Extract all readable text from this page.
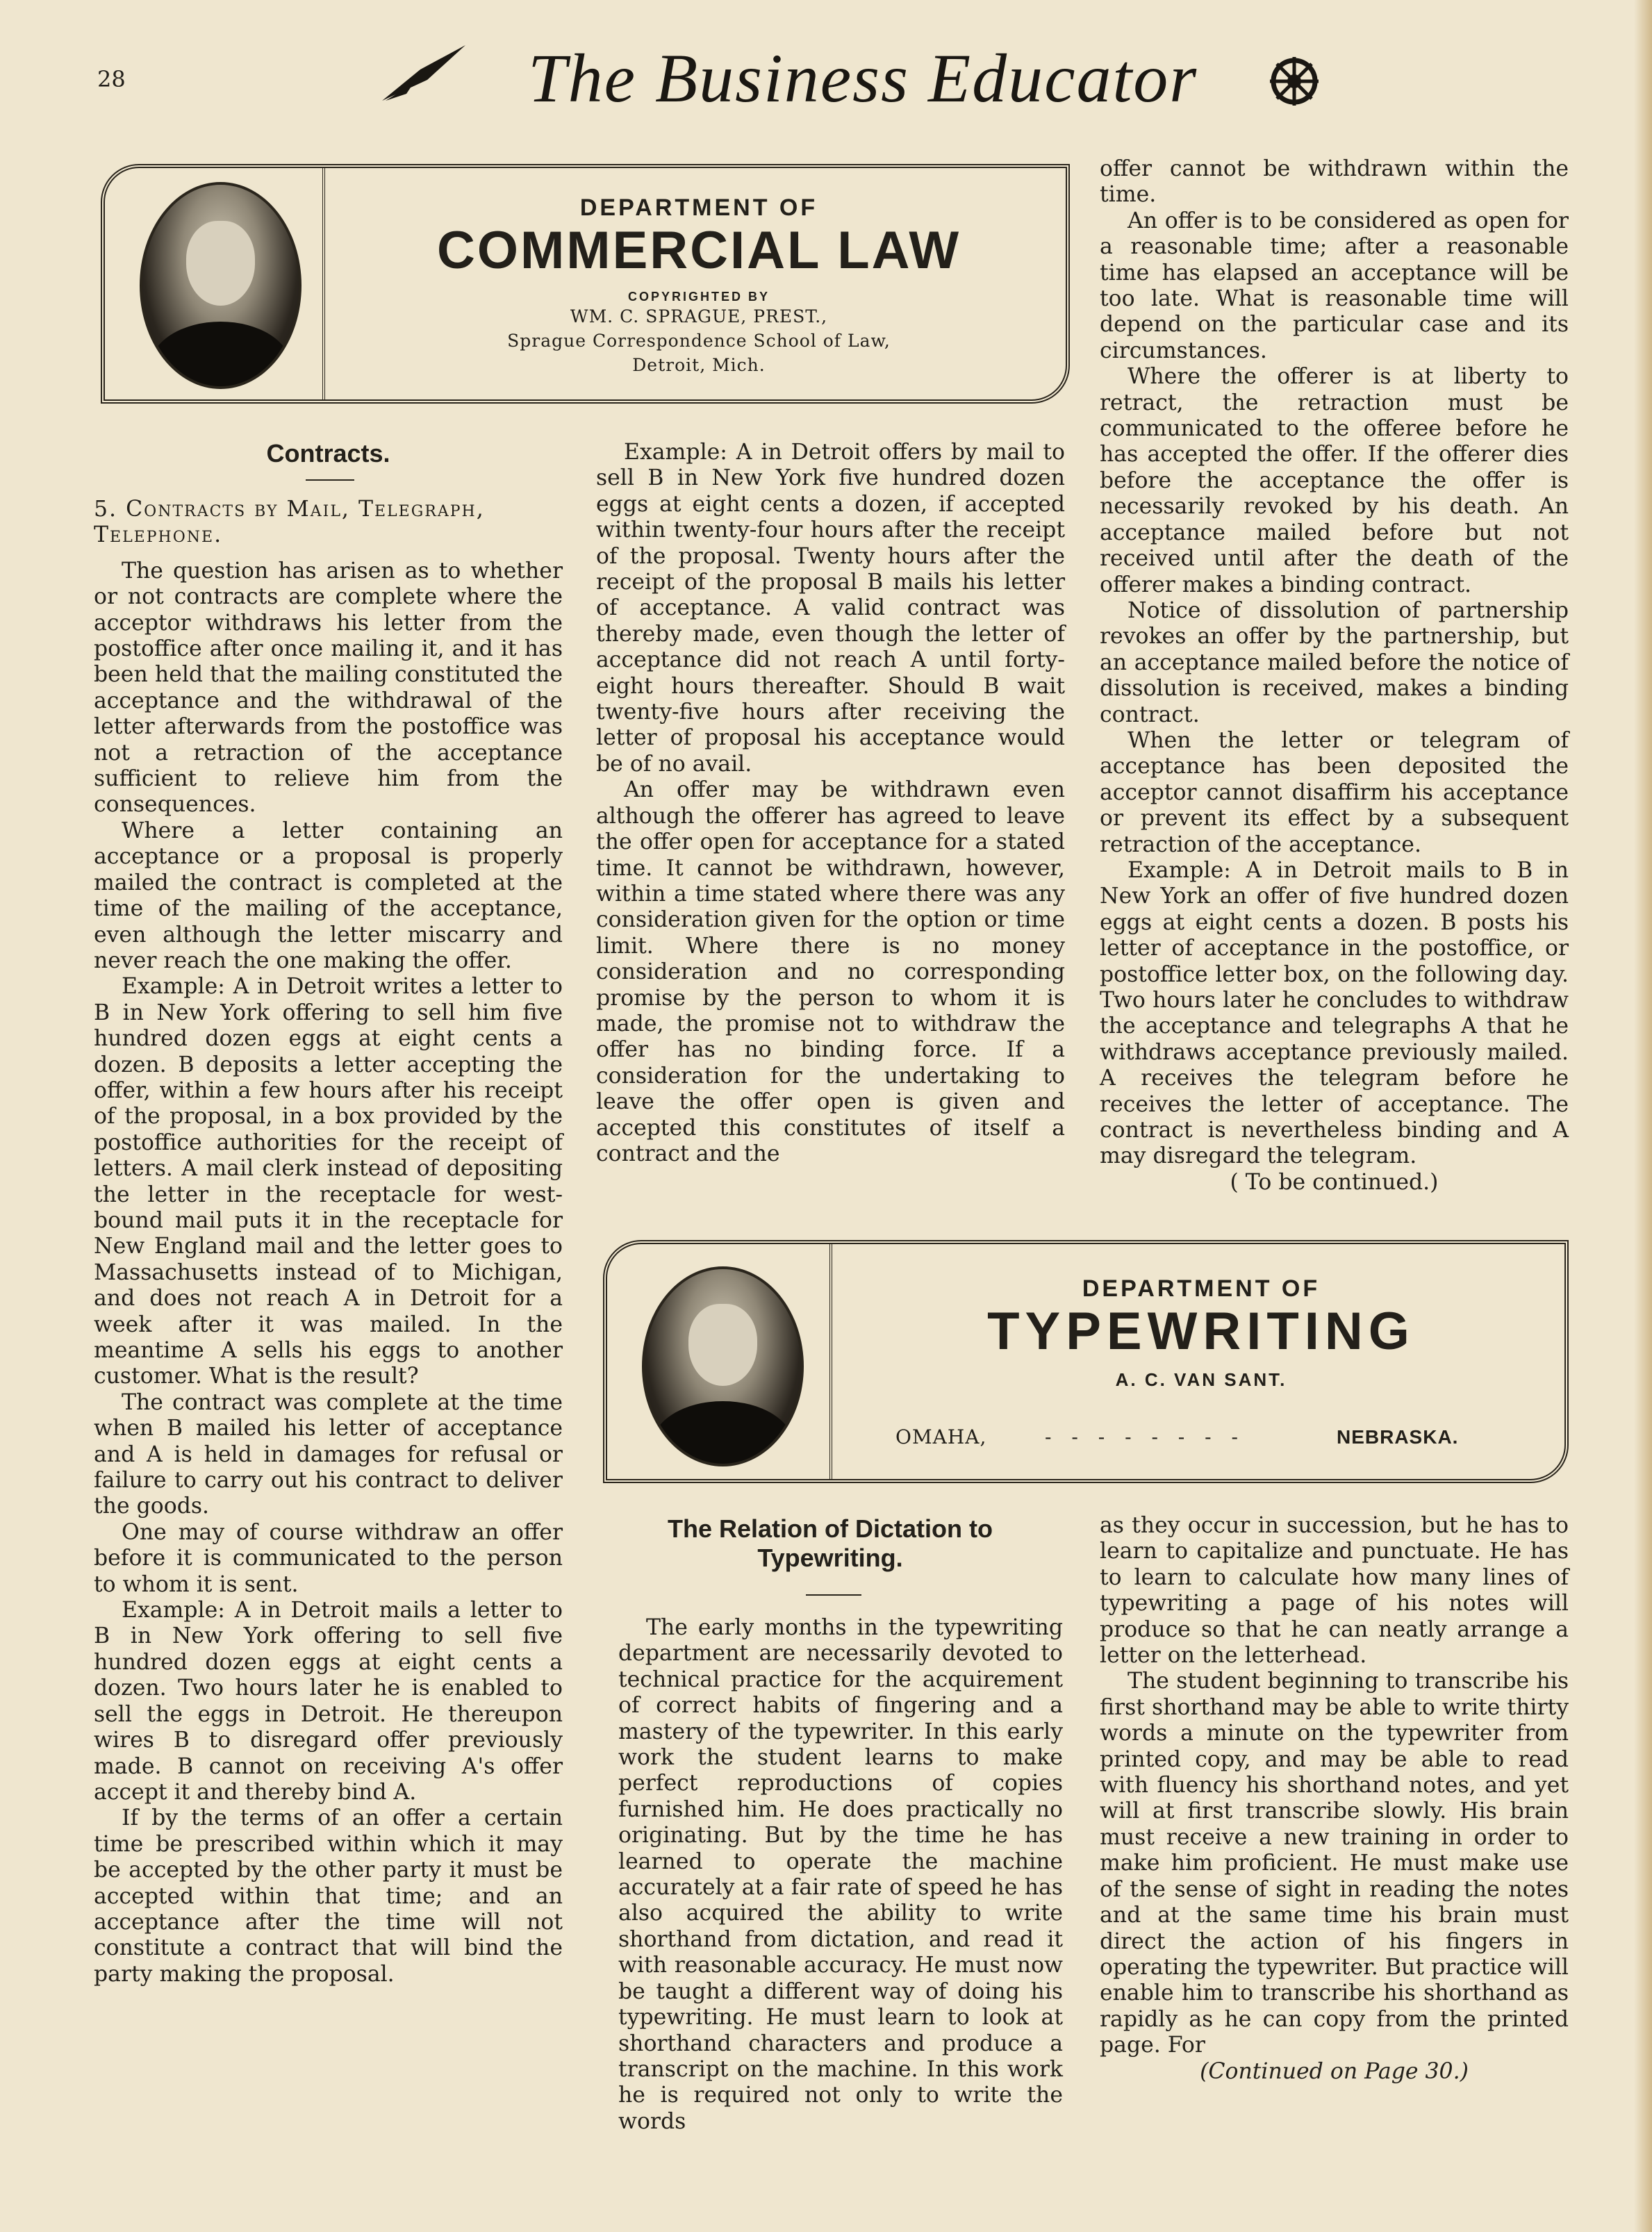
28	The Business Educator
DEPARTMENT OF
COMMERCIAL LAW
COPYRIGHTED BY
WM. C. SPRAGUE, PREST.,
Sprague Correspondence School of Law,
Detroit, Mich.
Contracts.

5. Contracts by Mail, Telegraph, Telephone.

The question has arisen as to whether or not contracts are complete where the acceptor withdraws his letter from the postoffice after once mailing it, and it has been held that the mailing constituted the acceptance and the withdrawal of the letter afterwards from the postoffice was not a retraction of the acceptance sufficient to relieve him from the consequences.

Where a letter containing an acceptance or a proposal is properly mailed the contract is completed at the time of the mailing of the acceptance, even although the letter miscarry and never reach the one making the offer.

Example: A in Detroit writes a letter to B in New York offering to sell him five hundred dozen eggs at eight cents a dozen. B deposits a letter accepting the offer, within a few hours after his receipt of the proposal, in a box provided by the postoffice authorities for the receipt of letters. A mail clerk instead of depositing the letter in the receptacle for west-bound mail puts it in the receptacle for New England mail and the letter goes to Massachusetts instead of to Michigan, and does not reach A in Detroit for a week after it was mailed. In the meantime A sells his eggs to another customer. What is the result?

The contract was complete at the time when B mailed his letter of acceptance and A is held in damages for refusal or failure to carry out his contract to deliver the goods.

One may of course withdraw an offer before it is communicated to the person to whom it is sent.

Example: A in Detroit mails a letter to B in New York offering to sell five hundred dozen eggs at eight cents a dozen. Two hours later he is enabled to sell the eggs in Detroit. He thereupon wires B to disregard offer previously made. B cannot on receiving A's offer accept it and thereby bind A.

If by the terms of an offer a certain time be prescribed within which it may be accepted by the other party it must be accepted within that time; and an acceptance after the time will not constitute a contract that will bind the party making the proposal.

Example: A in Detroit offers by mail to sell B in New York five hundred dozen eggs at eight cents a dozen, if accepted within twenty-four hours after the receipt of the proposal. Twenty hours after the receipt of the proposal B mails his letter of acceptance. A valid contract was thereby made, even though the letter of acceptance did not reach A until forty-eight hours thereafter. Should B wait twenty-five hours after receiving the letter of proposal his acceptance would be of no avail.

An offer may be withdrawn even although the offerer has agreed to leave the offer open for acceptance for a stated time. It cannot be withdrawn, however, within a time stated where there was any consideration given for the option or time limit. Where there is no money consideration and no corresponding promise by the person to whom it is made, the promise not to withdraw the offer has no binding force. If a consideration for the undertaking to leave the offer open is given and accepted this constitutes of itself a contract and the

offer cannot be withdrawn within the time.

An offer is to be considered as open for a reasonable time; after a reasonable time has elapsed an acceptance will be too late. What is reasonable time will depend on the particular case and its circumstances.

Where the offerer is at liberty to retract, the retraction must be communicated to the offeree before he has accepted the offer. If the offerer dies before the acceptance the offer is necessarily revoked by his death. An acceptance mailed before but not received until after the death of the offerer makes a binding contract.

Notice of dissolution of partnership revokes an offer by the partnership, but an acceptance mailed before the notice of dissolution is received, makes a binding contract.

When the letter or telegram of acceptance has been deposited the acceptor cannot disaffirm his acceptance or prevent its effect by a subsequent retraction of the acceptance.

Example: A in Detroit mails to B in New York an offer of five hundred dozen eggs at eight cents a dozen. B posts his letter of acceptance in the postoffice, or postoffice letter box, on the following day. Two hours later he concludes to withdraw the acceptance and telegraphs A that he withdraws acceptance previously mailed. A receives the telegram before he receives the letter of acceptance. The contract is nevertheless binding and A may disregard the telegram.

( To be continued.)

DEPARTMENT OF
TYPEWRITING
A. C. VAN SANT.
OMAHA,	- - - - - - - -	NEBRASKA.
The Relation of Dictation to Typewriting.

The early months in the typewriting department are necessarily devoted to technical practice for the acquirement of correct habits of fingering and a mastery of the typewriter. In this early work the student learns to make perfect reproductions of copies furnished him. He does practically no originating. But by the time he has learned to operate the machine accurately at a fair rate of speed he has also acquired the ability to write shorthand from dictation, and read it with reasonable accuracy. He must now be taught a different way of doing his typewriting. He must learn to look at shorthand characters and produce a transcript on the machine. In this work he is required not only to write the words

as they occur in succession, but he has to learn to capitalize and punctuate. He has to learn to calculate how many lines of typewriting a page of his notes will produce so that he can neatly arrange a letter on the letterhead.

The student beginning to transcribe his first shorthand may be able to write thirty words a minute on the typewriter from printed copy, and may be able to read with fluency his shorthand notes, and yet will at first transcribe slowly. His brain must receive a new training in order to make him proficient. He must make use of the sense of sight in reading the notes and at the same time his brain must direct the action of his fingers in operating the typewriter. But practice will enable him to transcribe his shorthand as rapidly as he can copy from the printed page. For

(Continued on Page 30.)
